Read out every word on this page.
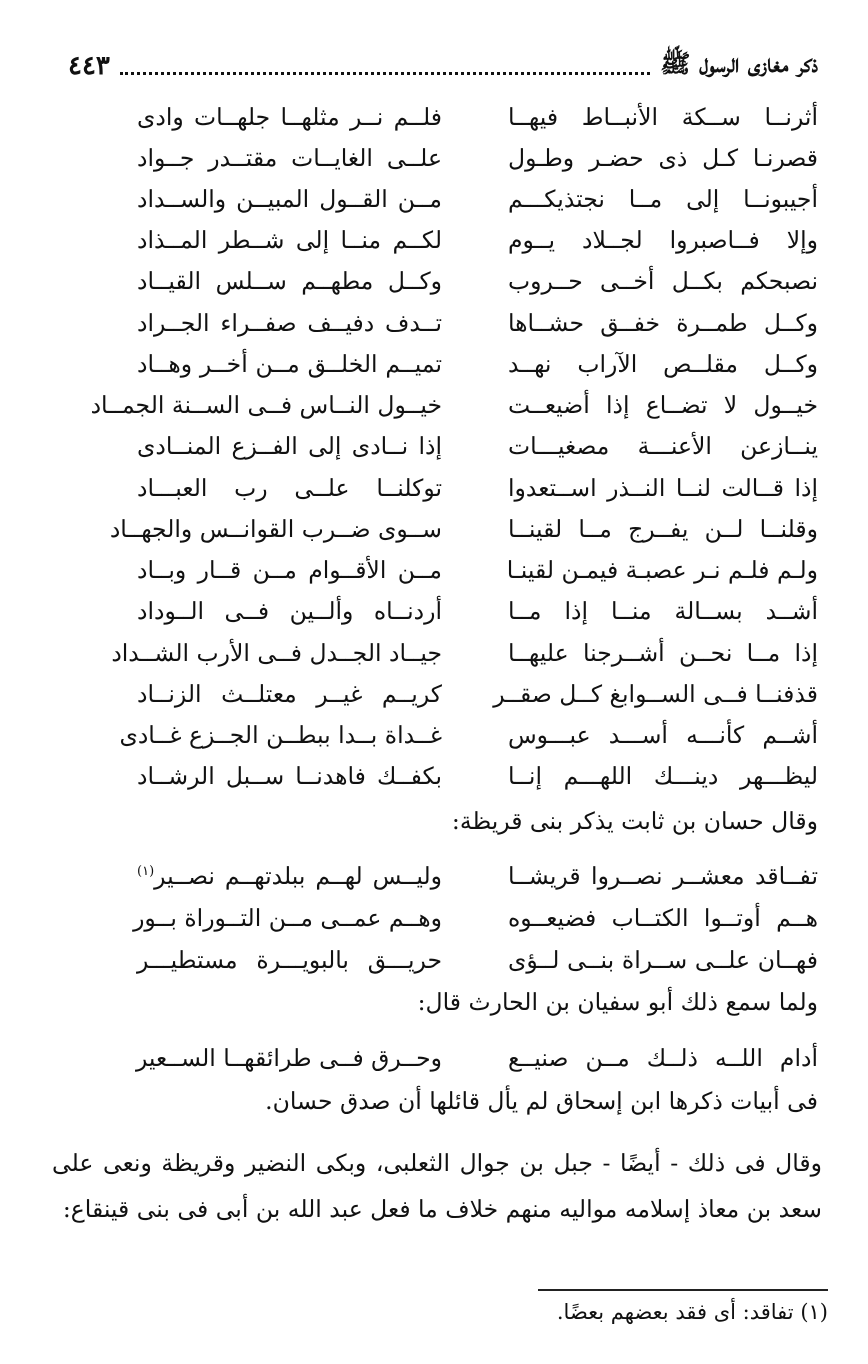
ذكر مغازى الرسول ﷺ
٤٤٣
أثرنــا ســكة الأنبــاط فيهــا
فلــم نــر مثلهــا جلهــات وادى
قصرنـا كـل ذى حضـر وطـول
علــى الغايــات مقتــدر جــواد
أجيبونــا إلى مــا نجتذيكـــم
مــن القــول المبيــن والســداد
وإلا فــاصبروا لجــلاد يــوم
لكــم منــا إلى شــطر المــذاد
نصبحكم بكــل أخــى حــروب
وكــل مطهــم ســلس القيــاد
وكــل طمــرة خفــق حشــاها
تــدف دفيــف صفــراء الجــراد
وكــل مقلــص الآراب نهــد
تميــم الخلــق مــن أخــر وهــاد
خيــول لا تضــاع إذا أضيعــت
خيــول النــاس فــى الســنة الجمــاد
ينــازعن الأعنـــة مصغيـــات
إذا نــادى إلى الفــزع المنــادى
إذا قــالت لنــا النــذر اســتعدوا
توكلنــا علــى رب العبـــاد
وقلنــا لــن يفــرج مــا لقينــا
ســوى ضــرب القوانــس والجهــاد
ولـم فلـم نـر عصبـة فيمـن لقينـا
مــن الأقــوام مــن قــار وبــاد
أشــد بســالة منــا إذا مــا
أردنــاه وألــين فــى الــوداد
إذا مــا نحــن أشــرجنا عليهــا
جيــاد الجــدل فــى الأرب الشــداد
قذفنــا فــى الســوابغ كــل صقــر
كريــم غيــر معتلــث الزنــاد
أشــم كأنـــه أســـد عبـــوس
غــداة بــدا ببطــن الجــزع غــادى
ليظـــهر دينـــك اللهـــم إنــا
بكفــك فاهدنــا ســبل الرشــاد
وقال حسان بن ثابت يذكر بنى قريظة:
تفــاقد معشــر نصــروا قريشــا
وليــس لهــم ببلدتهــم نصــير$^{(١)}$
هــم أوتــوا الكتــاب فضيعــوه
وهــم عمــى مــن التــوراة بــور
فهــان علــى ســراة بنــى لــؤى
حريـــق بالبويـــرة مستطيـــر
ولما سمع ذلك أبو سفيان بن الحارث قال:
أدام اللــه ذلــك مــن صنيــع
وحــرق فــى طرائقهــا الســعير
فى أبيات ذكرها ابن إسحاق لم يأل قائلها أن صدق حسان.
وقال فى ذلك - أيضًا - جبل بن جوال الثعلبى، وبكى النضير وقريظة ونعى على سعد بن معاذ إسلامه مواليه منهم خلاف ما فعل عبد الله بن أبى فى بنى قينقاع:
(١) تفاقد: أى فقد بعضهم بعضًا.
